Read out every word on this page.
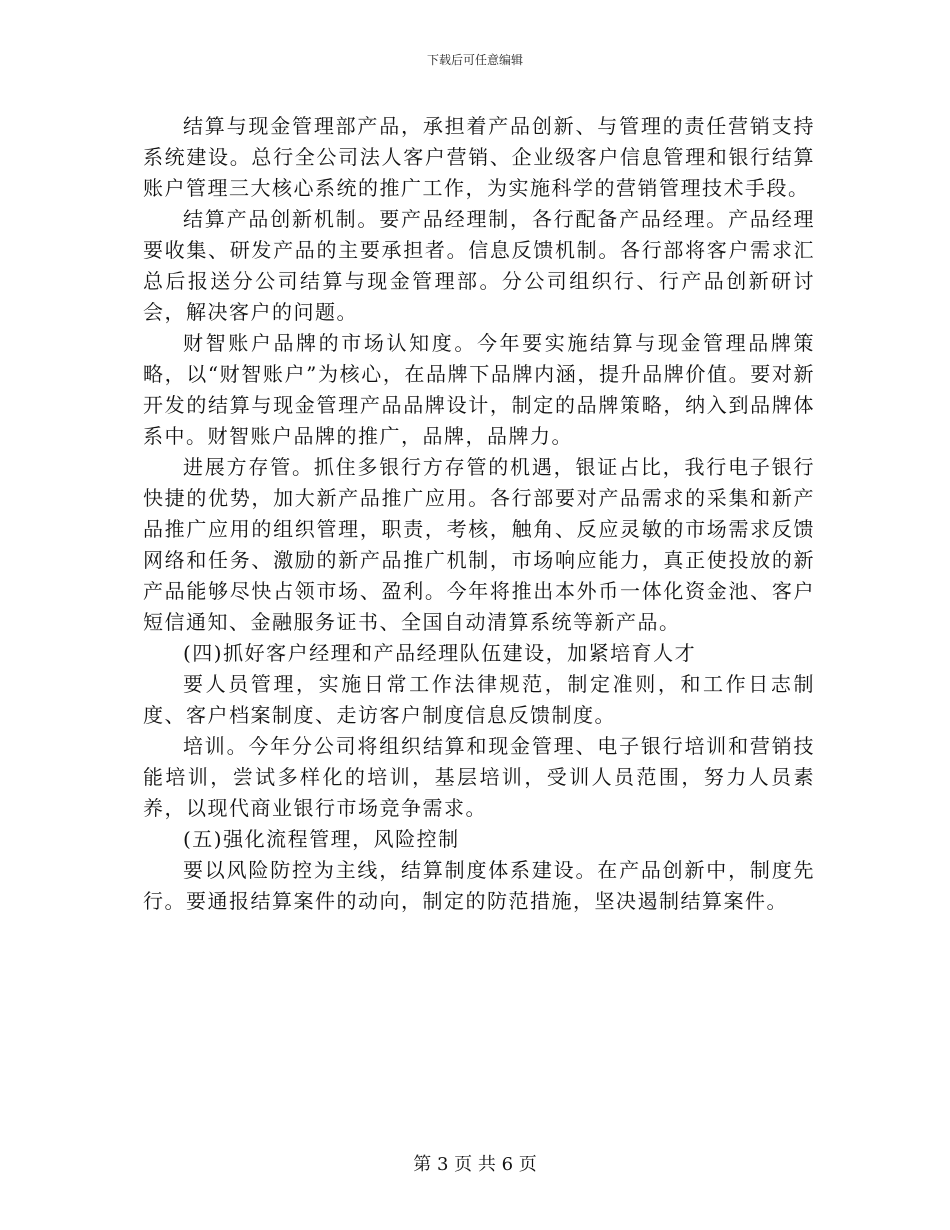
下载后可任意编辑

结算与现金管理部产品，承担着产品创新、与管理的责任营销支持系统建设。总行全公司法人客户营销、企业级客户信息管理和银行结算账户管理三大核心系统的推广工作，为实施科学的营销管理技术手段。

结算产品创新机制。要产品经理制，各行配备产品经理。产品经理要收集、研发产品的主要承担者。信息反馈机制。各行部将客户需求汇总后报送分公司结算与现金管理部。分公司组织行、行产品创新研讨会，解决客户的问题。

财智账户品牌的市场认知度。今年要实施结算与现金管理品牌策略，以“财智账户”为核心，在品牌下品牌内涵，提升品牌价值。要对新开发的结算与现金管理产品品牌设计，制定的品牌策略，纳入到品牌体系中。财智账户品牌的推广，品牌，品牌力。

进展方存管。抓住多银行方存管的机遇，银证占比，我行电子银行快捷的优势，加大新产品推广应用。各行部要对产品需求的采集和新产品推广应用的组织管理，职责，考核，触角、反应灵敏的市场需求反馈网络和任务、激励的新产品推广机制，市场响应能力，真正使投放的新产品能够尽快占领市场、盈利。今年将推出本外币一体化资金池、客户短信通知、金融服务证书、全国自动清算系统等新产品。

(四)抓好客户经理和产品经理队伍建设，加紧培育人才

要人员管理，实施日常工作法律规范，制定准则，和工作日志制度、客户档案制度、走访客户制度信息反馈制度。

培训。今年分公司将组织结算和现金管理、电子银行培训和营销技能培训，尝试多样化的培训，基层培训，受训人员范围，努力人员素养，以现代商业银行市场竞争需求。

(五)强化流程管理，风险控制

要以风险防控为主线，结算制度体系建设。在产品创新中，制度先行。要通报结算案件的动向，制定的防范措施，坚决遏制结算案件。

第 3 页 共 6 页
